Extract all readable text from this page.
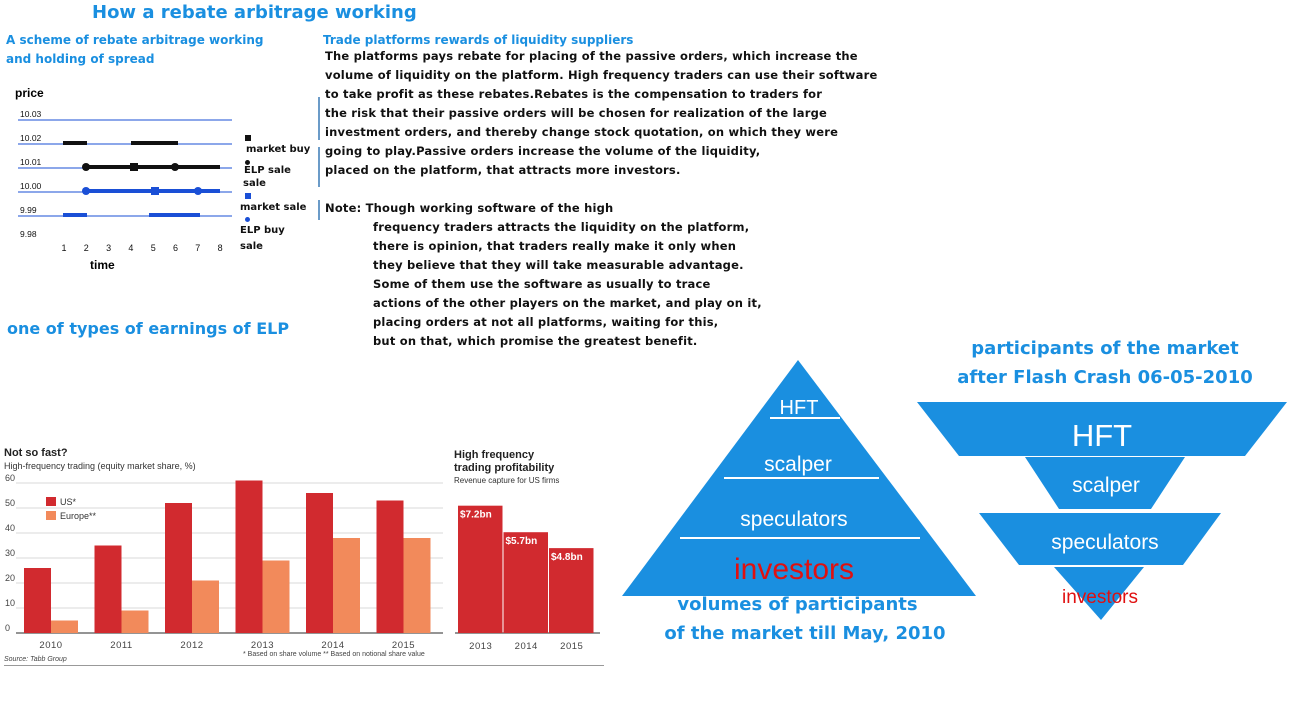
How a rebate arbitrage working
A scheme of rebate arbitrage working
and holding of spread
Trade platforms rewards of liquidity suppliers
The platforms pays rebate for placing of the passive orders, which increase the
volume of liquidity on the platform. High frequency traders can use their software
to take profit as these rebates.Rebates is the compensation to traders for
the risk that their passive orders will be chosen for realization of the large
investment orders, and thereby change stock quotation, on which they were
going to play.Passive orders increase the volume of the liquidity,
placed on the platform, that attracts more investors.
Note: Though working software of the high
frequency traders attracts the liquidity on the platform,
there is opinion, that traders really make it only when
they believe that they will take measurable advantage.
Some of them use the software as usually to trace
actions of the other players on the market, and play on it,
placing orders at not all platforms, waiting for this,
but on that, which promise the greatest benefit.
one of types of earnings of ELP
price
10.03
10.02
10.01
10.00
9.99
9.98
1 2 3 4 5 6 7 8
time
market buy
ELP sale
sale
market sale
ELP buy
sale
Not so fast?
High-frequency trading (equity market share, %)
60
50
40
30
20
10
0
2010	2011	2012	2013	2014	2015
US*
Europe**
* Based on share volume ** Based on notional share value
Source: Tabb Group
High frequency
trading profitability
Revenue capture for US firms
$7.2bn
2013
$5.7bn
2014
$4.8bn
2015
HFT
scalper
speculators
investors
volumes of participants
of the market till May, 2010
participants of the market
after Flash Crash 06-05-2010
HFT
scalper
speculators
investors
